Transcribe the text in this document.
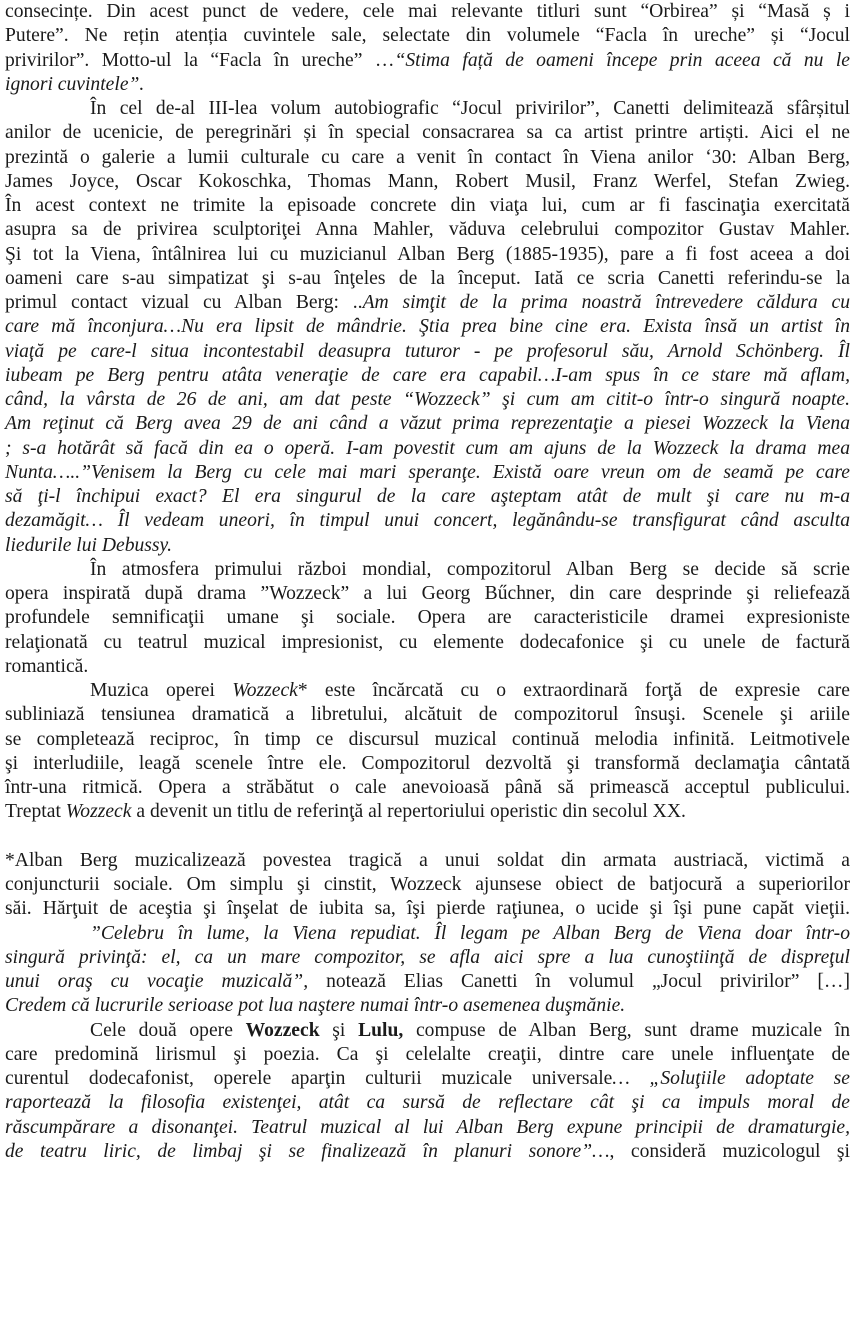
consecințe. Din acest punct de vedere, cele mai relevante titluri sunt “Orbirea” și “Masă ș i
Putere”. Ne rețin atenția cuvintele sale, selectate din volumele “Facla în ureche” și “Jocul
privirilor”. Motto-ul la “Facla în ureche” …“Stima față de oameni începe prin aceea că nu le
ignori cuvintele”.
În cel de-al III-lea volum autobiografic “Jocul privirilor”, Canetti delimitează sfârșitul
anilor de ucenicie, de peregrinări și în special consacrarea sa ca artist printre artiști. Aici el ne
prezintă o galerie a lumii culturale cu care a venit în contact în Viena anilor ‘30: Alban Berg,
James Joyce, Oscar Kokoschka, Thomas Mann, Robert Musil, Franz Werfel, Stefan Zwieg.
În acest context ne trimite la episoade concrete din viaţa lui, cum ar fi fascinaţia exercitată
asupra sa de privirea sculptoriţei Anna Mahler, văduva celebrului compozitor Gustav Mahler.
Şi tot la Viena, întâlnirea lui cu muzicianul Alban Berg (1885-1935), pare a fi fost aceea a doi
oameni care s-au simpatizat şi s-au înţeles de la început. Iată ce scria Canetti referindu-se la
primul contact vizual cu Alban Berg: ..Am simţit de la prima noastră întrevedere căldura cu
care mă înconjura…Nu era lipsit de mândrie. Ştia prea bine cine era. Exista însă un artist în
viaţă pe care-l situa incontestabil deasupra tuturor - pe profesorul său, Arnold Schönberg. Îl
iubeam pe Berg pentru atâta veneraţie de care era capabil…I-am spus în ce stare mă aflam,
când, la vârsta de 26 de ani, am dat peste “Wozzeck” şi cum am citit-o într-o singură noapte.
Am reţinut că Berg avea 29 de ani când a văzut prima reprezentaţie a piesei Wozzeck la Viena
; s-a hotărât să facă din ea o operă. I-am povestit cum am ajuns de la Wozzeck la drama mea
Nunta…..”Venisem la Berg cu cele mai mari speranţe. Există oare vreun om de seamă pe care
să ţi-l închipui exact? El era singurul de la care aşteptam atât de mult şi care nu m-a
dezamăgit… Îl vedeam uneori, în timpul unui concert, legănându-se transfigurat când asculta
liedurile lui Debussy.
În atmosfera primului război mondial, compozitorul Alban Berg se decide să scrie
opera inspirată după drama ”Wozzeck” a lui Georg Bűchner, din care desprinde şi reliefează
profundele semnificaţii umane şi sociale. Opera are caracteristicile dramei expresioniste
relaţionată cu teatrul muzical impresionist, cu elemente dodecafonice şi cu unele de factură
romantică.
Muzica operei Wozzeck* este încărcată cu o extraordinară forţă de expresie care
subliniază tensiunea dramatică a libretului, alcătuit de compozitorul însuşi. Scenele şi ariile
se completează reciproc, în timp ce discursul muzical continuă melodia infinită. Leitmotivele
şi interludiile, leagă scenele între ele. Compozitorul dezvoltă şi transformă declamaţia cântată
într-una ritmică. Opera a străbătut o cale anevoioasă până să primească acceptul publicului.
Treptat Wozzeck a devenit un titlu de referinţă al repertoriului operistic din secolul XX.
*Alban Berg muzicalizează povestea tragică a unui soldat din armata austriacă, victimă a
conjuncturii sociale. Om simplu şi cinstit, Wozzeck ajunsese obiect de batjocură a superiorilor
săi. Hărţuit de aceştia şi înşelat de iubita sa, îşi pierde raţiunea, o ucide şi îşi pune capăt vieţii.
”Celebru în lume, la Viena repudiat. Îl legam pe Alban Berg de Viena doar într-o
singură privinţă: el, ca un mare compozitor, se afla aici spre a lua cunoştiinţă de dispreţul
unui oraş cu vocaţie muzicală”, notează Elias Canetti în volumul „Jocul privirilor” […]
Credem că lucrurile serioase pot lua naştere numai într-o asemenea duşmănie.
Cele două opere Wozzeck şi Lulu, compuse de Alban Berg, sunt drame muzicale în
care predomină lirismul şi poezia. Ca şi celelalte creaţii, dintre care unele influenţate de
curentul dodecafonist, operele aparţin culturii muzicale universale… „Soluţiile adoptate se
raportează la filosofia existenţei, atât ca sursă de reflectare cât şi ca impuls moral de
răscumpărare a disonanţei. Teatrul muzical al lui Alban Berg expune principii de dramaturgie,
de teatru liric, de limbaj şi se finalizează în planuri sonore”…, consideră muzicologul şi
